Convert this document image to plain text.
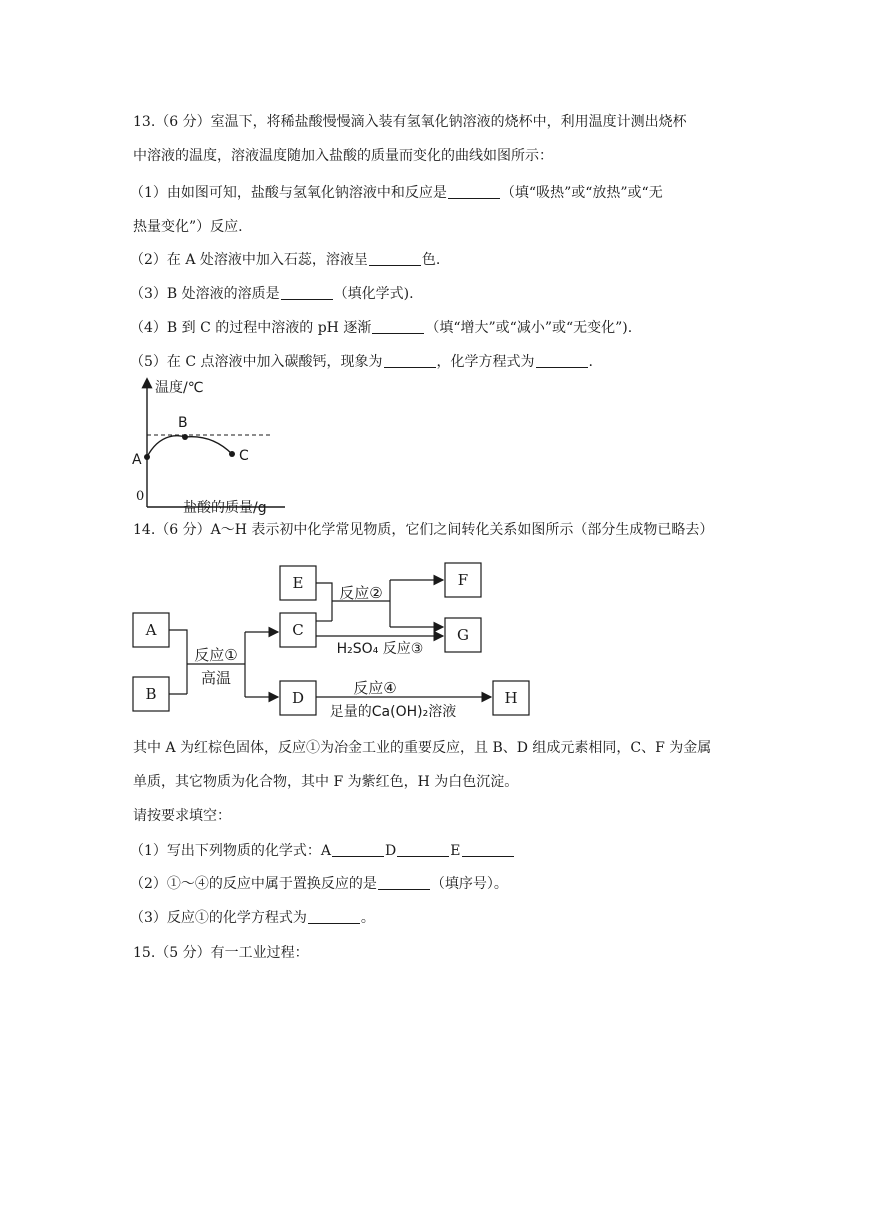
13.（6 分）室温下，将稀盐酸慢慢滴入装有氢氧化钠溶液的烧杯中，利用温度计测出烧杯
中溶液的温度，溶液温度随加入盐酸的质量而变化的曲线如图所示：
（1）由如图可知，盐酸与氢氧化钠溶液中和反应是	（填“吸热”或“放热”或“无
热量变化”）反应.
（2）在 A 处溶液中加入石蕊，溶液呈	色.
（3）B 处溶液的溶质是	（填化学式).
（4）B 到 C 的过程中溶液的 pH 逐渐	（填“增大”或“减小”或“无变化”).
（5）在 C 点溶液中加入碳酸钙，现象为	，化学方程式为	.
温度/℃
盐酸的质量/g
0
A
B
C
14.（6 分）A～H 表示初中化学常见物质，它们之间转化关系如图所示（部分生成物已略去）
A
B
C
D
E	F
G
H
反应①
高温
反应②
H₂SO₄ 反应③
反应④
足量的Ca(OH)₂溶液
其中 A 为红棕色固体，反应①为冶金工业的重要反应，且 B、D 组成元素相同，C、F 为金属
单质，其它物质为化合物，其中 F 为紫红色，H 为白色沉淀。
请按要求填空：
（1）写出下列物质的化学式：A	D	E
（2）①～④的反应中属于置换反应的是	（填序号）。
（3）反应①的化学方程式为	。
15.（5 分）有一工业过程：
